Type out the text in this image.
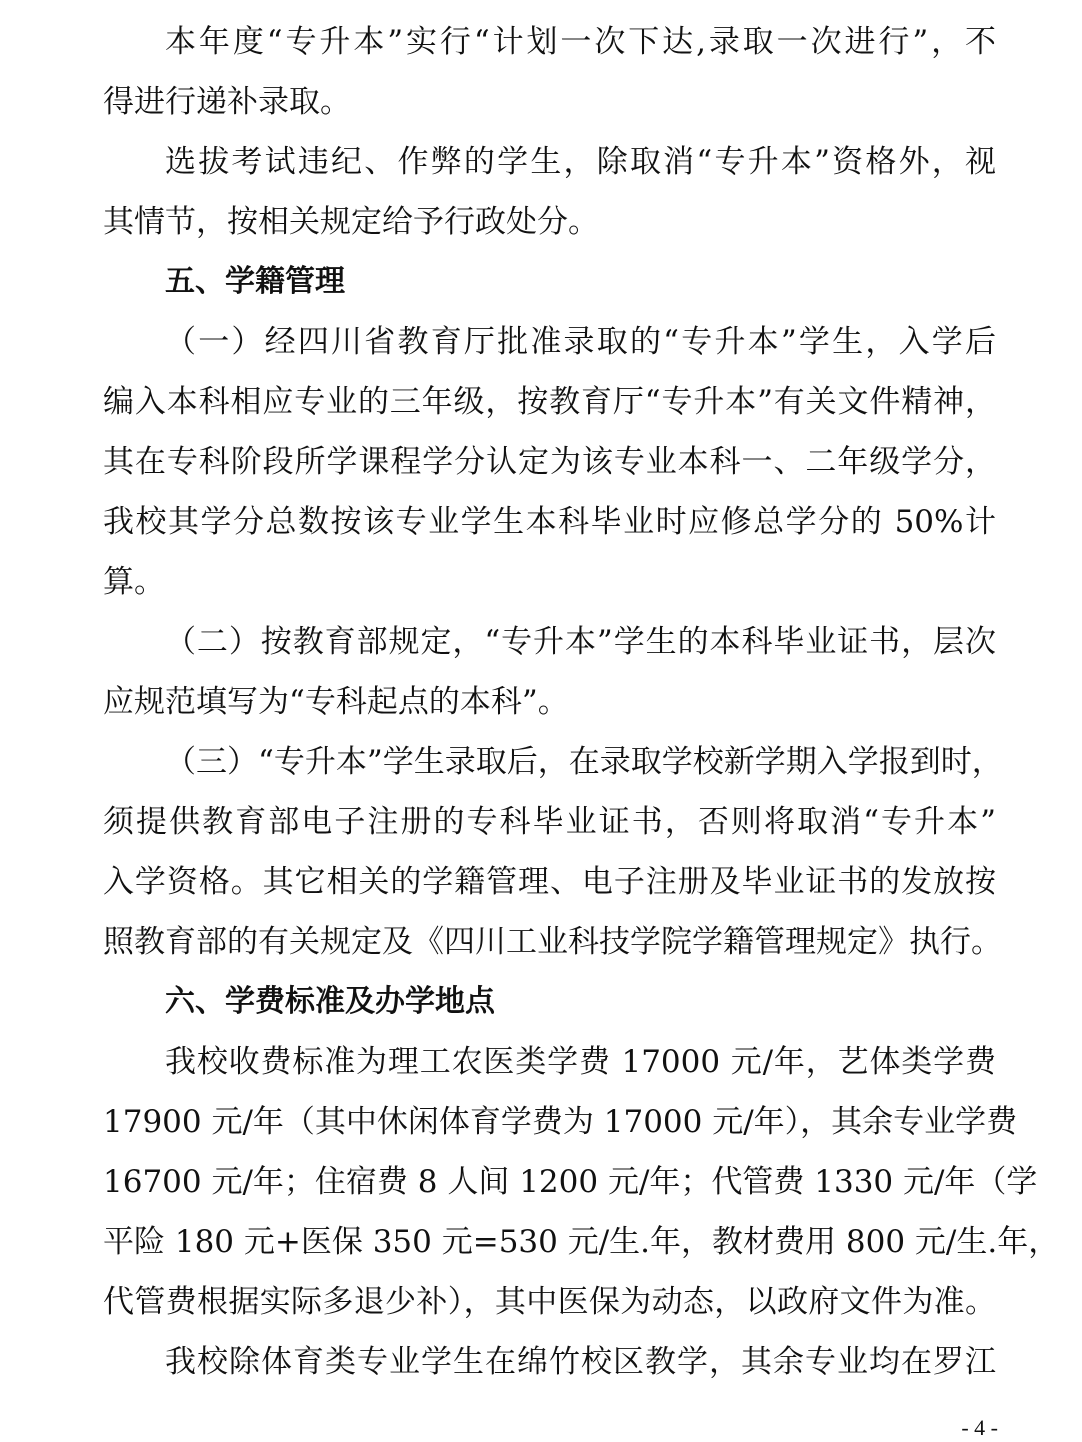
本年度“专升本”实行“计划一次下达,录取一次进行”，不
得进行递补录取。
选拔考试违纪、作弊的学生，除取消“专升本”资格外，视
其情节，按相关规定给予行政处分。
五、学籍管理
（一）经四川省教育厅批准录取的“专升本”学生，入学后
编入本科相应专业的三年级，按教育厅“专升本”有关文件精神，
其在专科阶段所学课程学分认定为该专业本科一、二年级学分，
我校其学分总数按该专业学生本科毕业时应修总学分的 50%计
算。
（二）按教育部规定，“专升本”学生的本科毕业证书，层次
应规范填写为“专科起点的本科”。
（三）“专升本”学生录取后，在录取学校新学期入学报到时，
须提供教育部电子注册的专科毕业证书，否则将取消“专升本”
入学资格。其它相关的学籍管理、电子注册及毕业证书的发放按
照教育部的有关规定及《四川工业科技学院学籍管理规定》执行。
六、学费标准及办学地点
我校收费标准为理工农医类学费 17000 元/年，艺体类学费
17900 元/年（其中休闲体育学费为 17000 元/年），其余专业学费
16700 元/年；住宿费 8 人间 1200 元/年；代管费 1330 元/年（学
平险 180 元+医保 350 元=530 元/生.年，教材费用 800 元/生.年，
代管费根据实际多退少补），其中医保为动态，以政府文件为准。
我校除体育类专业学生在绵竹校区教学，其余专业均在罗江
- 4 -
